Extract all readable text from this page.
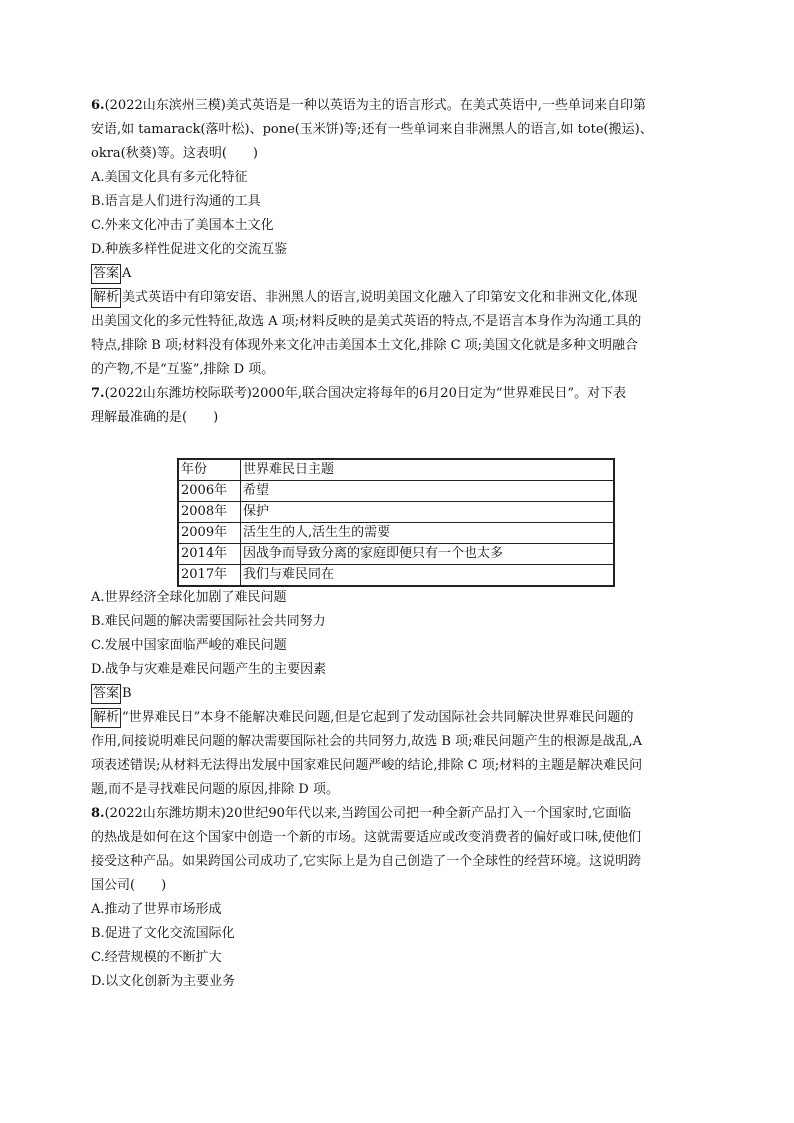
6.(2022山东滨州三模)美式英语是一种以英语为主的语言形式。在美式英语中,一些单词来自印第
安语,如 tamarack(落叶松)、pone(玉米饼)等;还有一些单词来自非洲黑人的语言,如 tote(搬运)、
okra(秋葵)等。这表明(　　)
A.美国文化具有多元化特征
B.语言是人们进行沟通的工具
C.外来文化冲击了美国本土文化
D.种族多样性促进文化的交流互鉴
答案 A
解析 美式英语中有印第安语、非洲黑人的语言,说明美国文化融入了印第安文化和非洲文化,体现
出美国文化的多元性特征,故选 A 项;材料反映的是美式英语的特点,不是语言本身作为沟通工具的
特点,排除 B 项;材料没有体现外来文化冲击美国本土文化,排除 C 项;美国文化就是多种文明融合
的产物,不是“互鉴”,排除 D 项。
7.(2022山东潍坊校际联考)2000年,联合国决定将每年的6月20日定为“世界难民日”。对下表
理解最准确的是(　　)
年份	世界难民日主题
2006年	希望
2008年	保护
2009年	活生生的人,活生生的需要
2014年	因战争而导致分离的家庭即便只有一个也太多
2017年	我们与难民同在
A.世界经济全球化加剧了难民问题
B.难民问题的解决需要国际社会共同努力
C.发展中国家面临严峻的难民问题
D.战争与灾难是难民问题产生的主要因素
答案 B
解析 “世界难民日”本身不能解决难民问题,但是它起到了发动国际社会共同解决世界难民问题的
作用,间接说明难民问题的解决需要国际社会的共同努力,故选 B 项;难民问题产生的根源是战乱,A
项表述错误;从材料无法得出发展中国家难民问题严峻的结论,排除 C 项;材料的主题是解决难民问
题,而不是寻找难民问题的原因,排除 D 项。
8.(2022山东潍坊期末)20世纪90年代以来,当跨国公司把一种全新产品打入一个国家时,它面临
的热战是如何在这个国家中创造一个新的市场。这就需要适应或改变消费者的偏好或口味,使他们
接受这种产品。如果跨国公司成功了,它实际上是为自己创造了一个全球性的经营环境。这说明跨
国公司(　　)
A.推动了世界市场形成
B.促进了文化交流国际化
C.经营规模的不断扩大
D.以文化创新为主要业务
